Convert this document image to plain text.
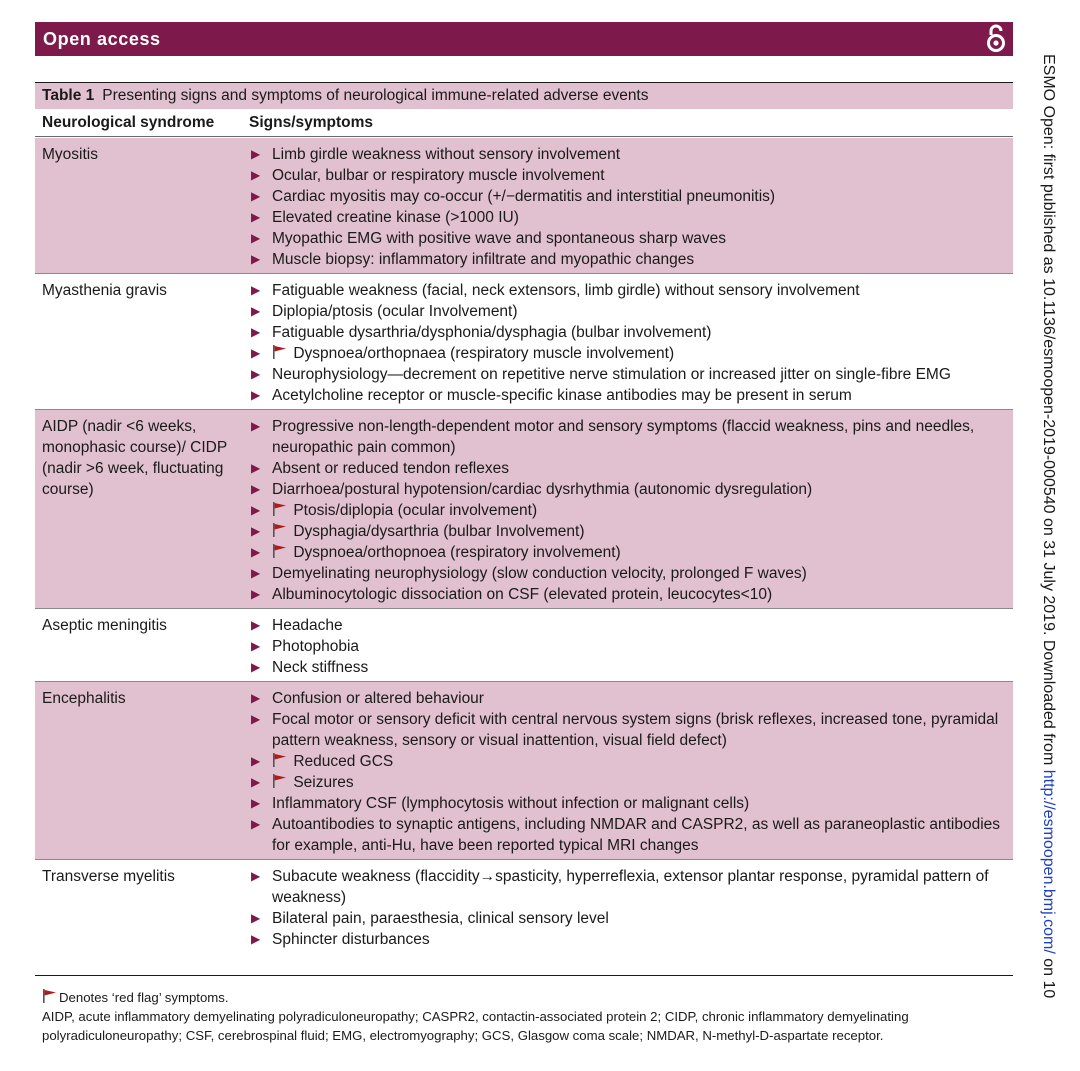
Open access
Table 1 Presenting signs and symptoms of neurological immune-related adverse events
Neurological syndrome Signs/symptoms
Myositis	▶ Limb girdle weakness without sensory involvement
▶ Ocular, bulbar or respiratory muscle involvement
▶ Cardiac myositis may co-occur (+/−dermatitis and interstitial pneumonitis)
▶ Elevated creatine kinase (>1000 IU)
▶ Myopathic EMG with positive wave and spontaneous sharp waves
▶ Muscle biopsy: inflammatory infiltrate and myopathic changes
Myasthenia gravis	▶ Fatiguable weakness (facial, neck extensors, limb girdle) without sensory involvement
▶ Diplopia/ptosis (ocular Involvement)
▶ Fatiguable dysarthria/dysphonia/dysphagia (bulbar involvement)
▶ Dyspnoea/orthopnaea (respiratory muscle involvement)
▶ Neurophysiology—decrement on repetitive nerve stimulation or increased jitter on single-fibre EMG
▶ Acetylcholine receptor or muscle-specific kinase antibodies may be present in serum
AIDP (nadir <6 weeks, monophasic course)/ CIDP (nadir >6 week, fluctuating course)
▶ Progressive non-length-dependent motor and sensory symptoms (flaccid weakness, pins and needles, neuropathic pain common)
▶ Absent or reduced tendon reflexes
▶ Diarrhoea/postural hypotension/cardiac dysrhythmia (autonomic dysregulation)
▶ Ptosis/diplopia (ocular involvement)
▶ Dysphagia/dysarthria (bulbar Involvement)
▶ Dyspnoea/orthopnoea (respiratory involvement)
▶ Demyelinating neurophysiology (slow conduction velocity, prolonged F waves)
▶ Albuminocytologic dissociation on CSF (elevated protein, leucocytes<10)
Aseptic meningitis	▶ Headache
▶ Photophobia
▶ Neck stiffness
Encephalitis	▶ Confusion or altered behaviour
▶ Focal motor or sensory deficit with central nervous system signs (brisk reflexes, increased tone, pyramidal pattern weakness, sensory or visual inattention, visual field defect)
▶ Reduced GCS
▶ Seizures
▶ Inflammatory CSF (lymphocytosis without infection or malignant cells)
▶ Autoantibodies to synaptic antigens, including NMDAR and CASPR2, as well as paraneoplastic antibodies for example, anti-Hu, have been reported typical MRI changes
Transverse myelitis	▶ Subacute weakness (flaccidity→spasticity, hyperreflexia, extensor plantar response, pyramidal pattern of weakness)
▶ Bilateral pain, paraesthesia, clinical sensory level
▶ Sphincter disturbances

Denotes ‘red flag’ symptoms.

AIDP, acute inflammatory demyelinating polyradiculoneuropathy; CASPR2, contactin-associated protein 2; CIDP, chronic inflammatory demyelinating polyradiculoneuropathy; CSF, cerebrospinal fluid; EMG, electromyography; GCS, Glasgow coma scale; NMDAR, N-methyl-D-aspartate receptor.

ESMO Open: first published as 10.1136/esmoopen-2019-000540 on 31 July 2019. Downloaded from http://esmoopen.bmj.com/ on 10
